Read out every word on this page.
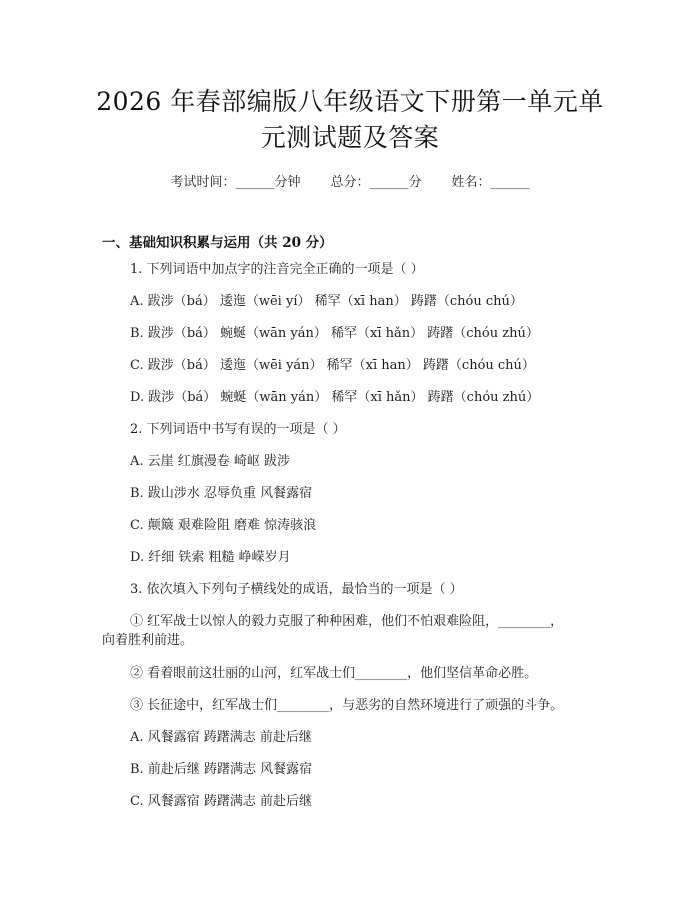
2026 年春部编版八年级语文下册第一单元单
元测试题及答案
考试时间：______分钟 总分：______分 姓名：______
一、基础知识积累与运用（共 20 分）
1. 下列词语中加点字的注音完全正确的一项是（ ）
A. 跋涉（bá） 逶迤（wēi yí） 稀罕（xī han） 踌躇（chóu chú）
B. 跋涉（bá） 蜿蜒（wān yán） 稀罕（xī hǎn） 踌躇（chóu zhú）
C. 跋涉（bá） 逶迤（wēi yán） 稀罕（xī han） 踌躇（chóu chú）
D. 跋涉（bá） 蜿蜒（wān yán） 稀罕（xī hǎn） 踌躇（chóu zhú）
2. 下列词语中书写有误的一项是（ ）
A. 云崖 红旗漫卷 崎岖 跋涉
B. 跋山涉水 忍辱负重 风餐露宿
C. 颠簸 艰难险阻 磨难 惊涛骇浪
D. 纤细 铁索 粗糙 峥嵘岁月
3. 依次填入下列句子横线处的成语，最恰当的一项是（ ）
① 红军战士以惊人的毅力克服了种种困难，他们不怕艰难险阻，________，
向着胜利前进。
② 看着眼前这壮丽的山河，红军战士们________，他们坚信革命必胜。
③ 长征途中，红军战士们________，与恶劣的自然环境进行了顽强的斗争。
A. 风餐露宿 踌躇满志 前赴后继
B. 前赴后继 踌躇满志 风餐露宿
C. 风餐露宿 踌躇满志 前赴后继
